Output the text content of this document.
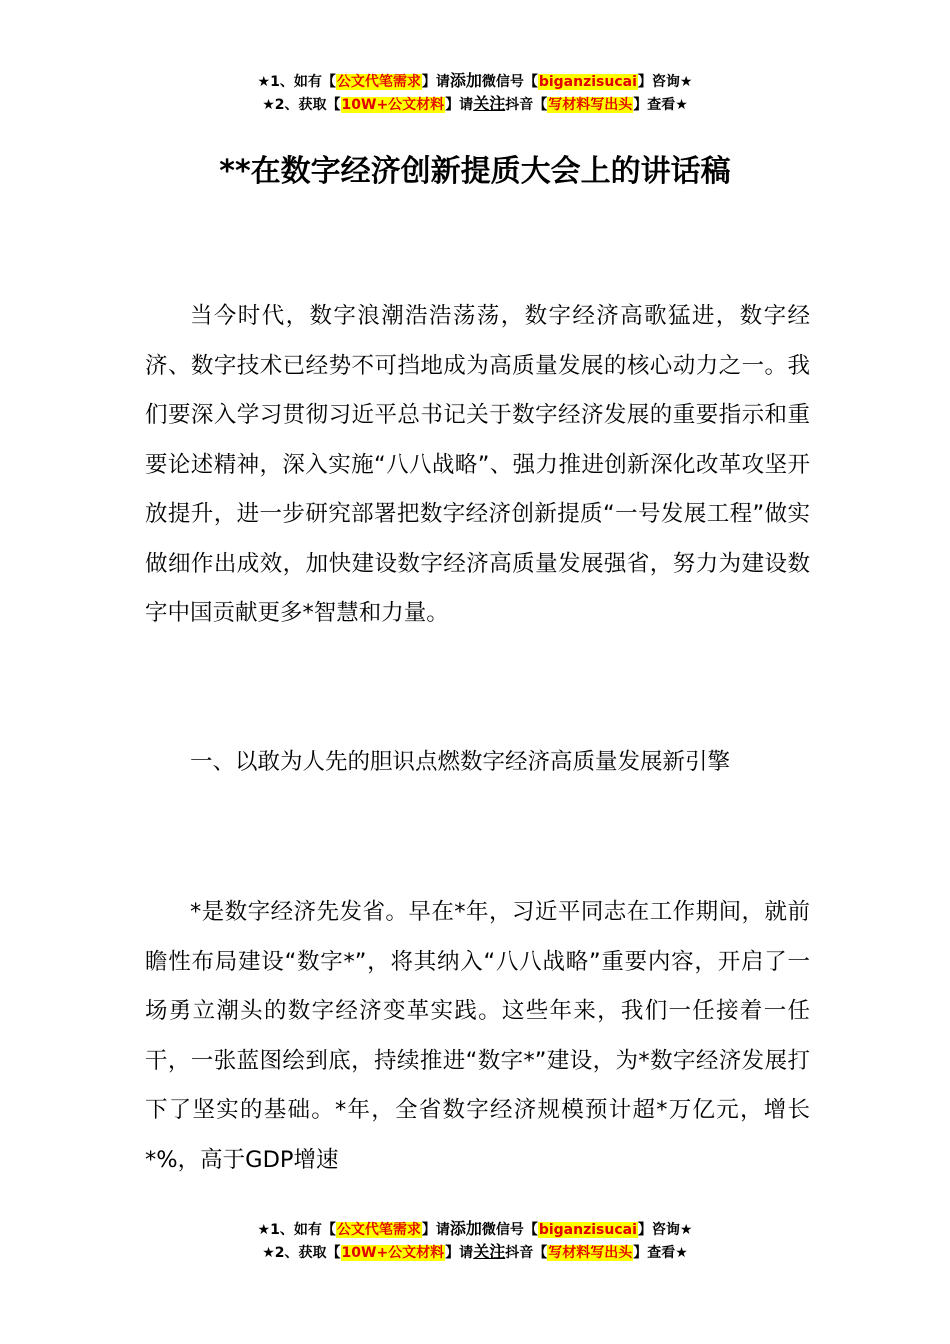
★1、如有【公文代笔需求】请添加微信号【biganzisucai】咨询★
★2、获取【10W+公文材料】请关注抖音【写材料写出头】查看★
**在数字经济创新提质大会上的讲话稿

当今时代，数字浪潮浩浩荡荡，数字经济高歌猛进，数字经济、数字技术已经势不可挡地成为高质量发展的核心动力之一。我们要深入学习贯彻习近平总书记关于数字经济发展的重要指示和重要论述精神，深入实施“八八战略”、强力推进创新深化改革攻坚开放提升，进一步研究部署把数字经济创新提质“一号发展工程”做实做细作出成效，加快建设数字经济高质量发展强省，努力为建设数字中国贡献更多*智慧和力量。

一、以敢为人先的胆识点燃数字经济高质量发展新引擎

*是数字经济先发省。早在*年，习近平同志在工作期间，就前瞻性布局建设“数字*”，将其纳入“八八战略”重要内容，开启了一场勇立潮头的数字经济变革实践。这些年来，我们一任接着一任干，一张蓝图绘到底，持续推进“数字*”建设，为*数字经济发展打下了坚实的基础。*年，全省数字经济规模预计超*万亿元，增长*%，高于GDP增速

★1、如有【公文代笔需求】请添加微信号【biganzisucai】咨询★
★2、获取【10W+公文材料】请关注抖音【写材料写出头】查看★
